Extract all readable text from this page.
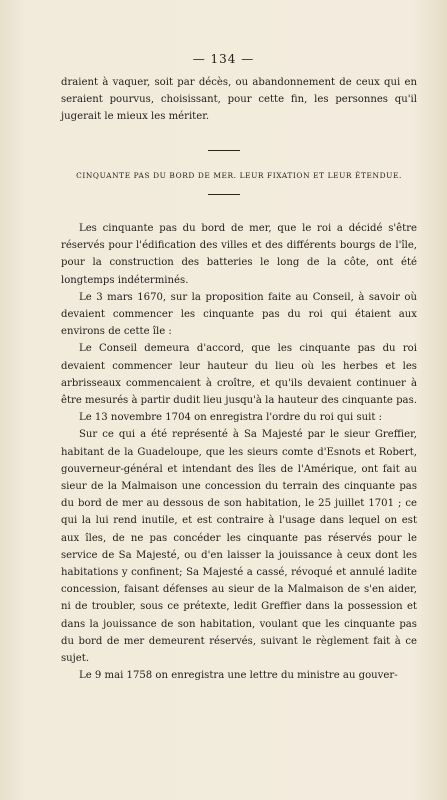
— 134 —

draient à vaquer, soit par décès, ou abandonnement de ceux qui en seraient pourvus, choisissant, pour cette fin, les personnes qu'il jugerait le mieux les mériter.

CINQUANTE PAS DU BORD DE MER. LEUR FIXATION ET LEUR ÉTENDUE.

Les cinquante pas du bord de mer, que le roi a décidé s'être réservés pour l'édification des villes et des différents bourgs de l'île, pour la construction des batteries le long de la côte, ont été longtemps indéterminés.

Le 3 mars 1670, sur la proposition faite au Conseil, à savoir où devaient commencer les cinquante pas du roi qui étaient aux environs de cette île :

Le Conseil demeura d'accord, que les cinquante pas du roi devaient commencer leur hauteur du lieu où les herbes et les arbrisseaux commencaient à croître, et qu'ils devaient continuer à être mesurés à partir dudit lieu jusqu'à la hauteur des cinquante pas.

Le 13 novembre 1704 on enregistra l'ordre du roi qui suit :

Sur ce qui a été représenté à Sa Majesté par le sieur Greffier, habitant de la Guadeloupe, que les sieurs comte d'Esnots et Robert, gouverneur-général et intendant des îles de l'Amérique, ont fait au sieur de la Malmaison une concession du terrain des cinquante pas du bord de mer au dessous de son habitation, le 25 juillet 1701 ; ce qui la lui rend inutile, et est contraire à l'usage dans lequel on est aux îles, de ne pas concéder les cinquante pas réservés pour le service de Sa Majesté, ou d'en laisser la jouissance à ceux dont les habitations y confinent; Sa Majesté a cassé, révoqué et annulé ladite concession, faisant défenses au sieur de la Malmaison de s'en aider, ni de troubler, sous ce prétexte, ledit Greffier dans la possession et dans la jouissance de son habitation, voulant que les cinquante pas du bord de mer demeurent réservés, suivant le règlement fait à ce sujet.

Le 9 mai 1758 on enregistra une lettre du ministre au gouver-
